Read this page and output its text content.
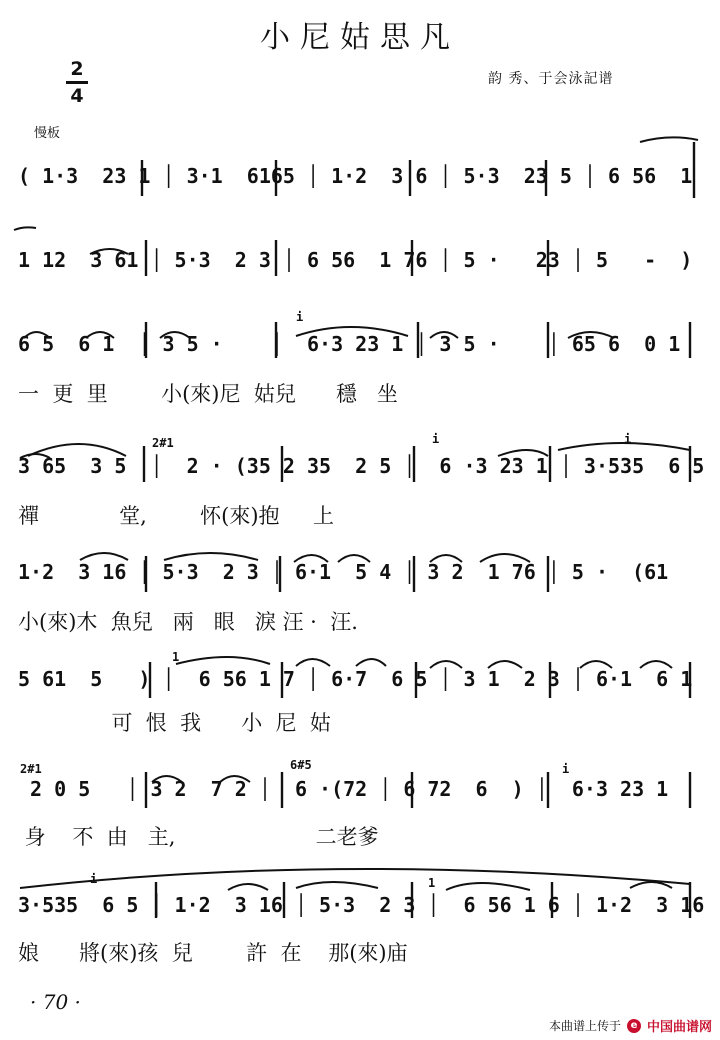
小尼姑思凡
韵 秀、于会泳記谱
2
4
慢板
( 1·3  23 1 │ 3·1  6165 │ 1·2  3 6 │ 5·3  23 5 │ 6 56  1
1 12  3 61 │ 5·3  2 3 │ 6 56  1 76 │ 5 ·   23 │ 5   -  )
6 5  6 1  │ 3 5 ·    │  6·3 23 1 │ 3 5 ·    │ 65 6  0 1
一  更  里        小(來)尼  姑兒      穩   坐
3 65  3 5  │  2 · (35 2 35  2 5 │  6 ·3 23 1 │ 3·535  6 5
禪            堂,        怀(來)抱     上
1·2  3 16 │ 5·3  2 3 │ 6·1  5 4 │ 3 2  1 76 │ 5 ·  (61
小(來)木  魚兒   兩   眼   淚 汪 ·  汪.
5 61  5   ) │  6 56 1 7 │ 6·7  6 5 │ 3 1  2 3 │ 6·1  6 1
可  恨  我      小  尼  姑
2 0 5   │ 3 2  7 2 │  6 ·(72 │ 6 72  6  ) │  6·3 23 1
身    不  由   主,                     二老爹
3·535  6 5 │ 1·2  3 16 │ 5·3  2 3 │  6 56 1 6 │ 1·2  3 16
娘      將(來)孩  兒        許  在    那(來)庙
i
2#1	i	i
1
2#1	6#5	i
i	1
· 70 ·
本曲谱上传于 e 中国曲谱网
